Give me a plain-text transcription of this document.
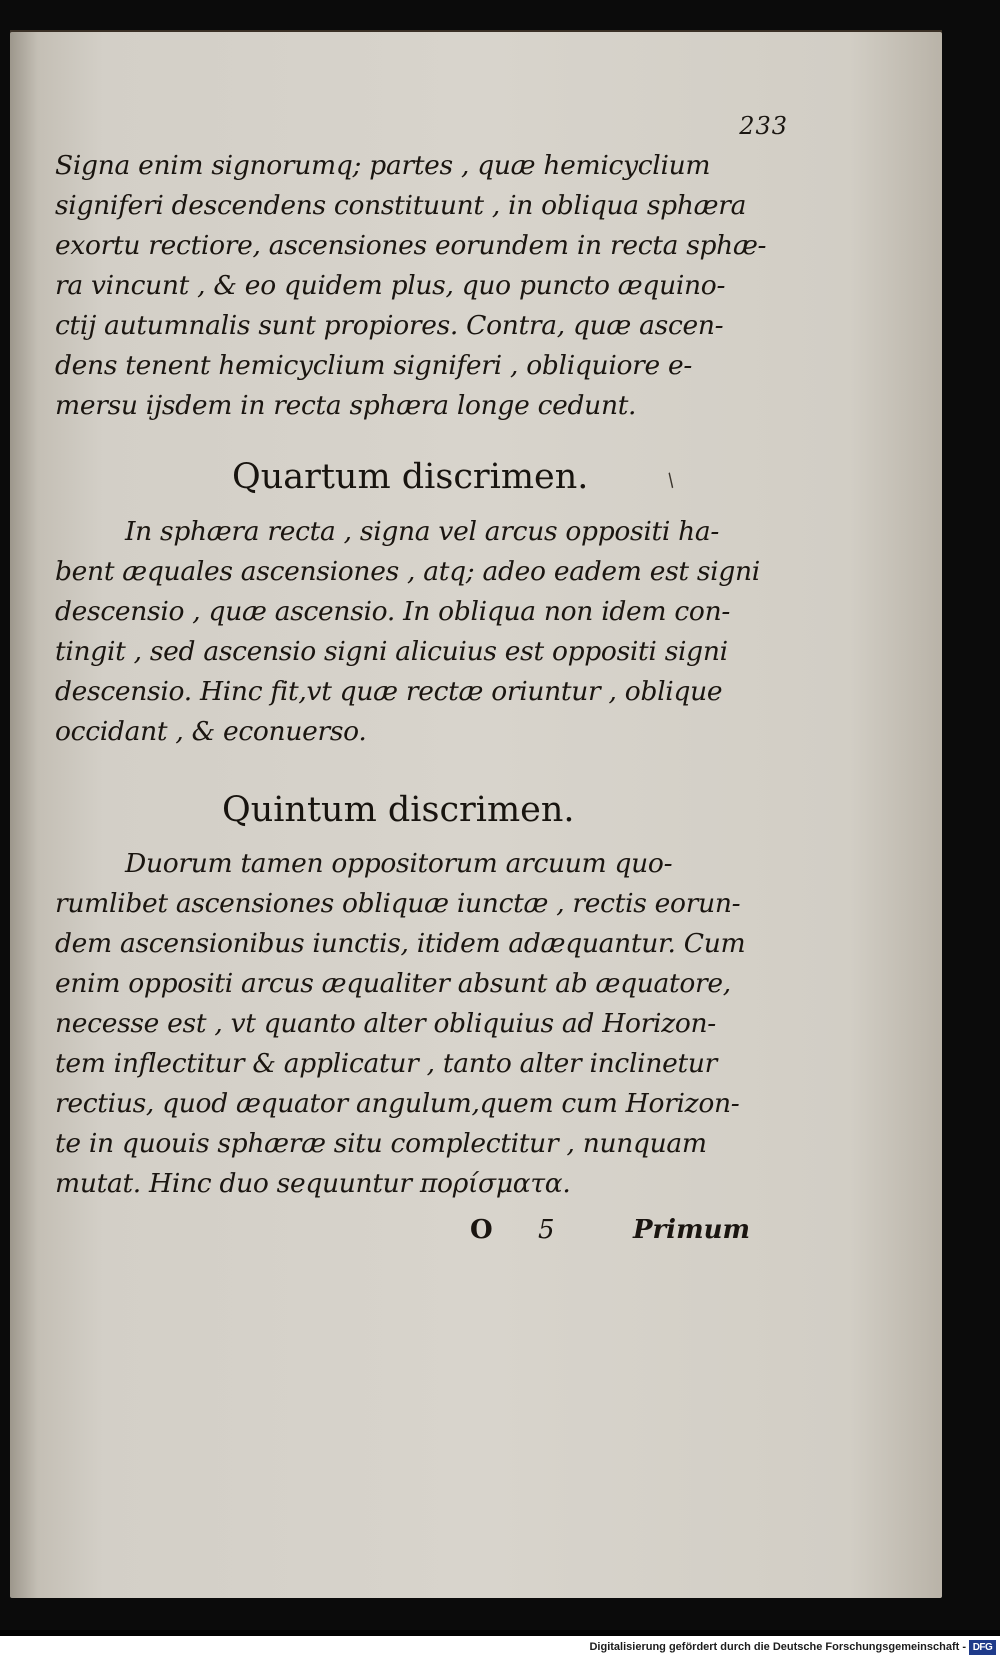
233
Signa enim signorumq; partes , quæ hemicyclium
signiferi descendens constituunt , in obliqua sphæra
exortu rectiore, ascensiones eorundem in recta sphæ-
ra vincunt , & eo quidem plus, quo puncto æquino-
ctij autumnalis sunt propiores. Contra, quæ ascen-
dens tenent hemicyclium signiferi , obliquiore e-
mersu ijsdem in recta sphæra longe cedunt.
Quartum discrimen.	/
In sphæra recta , signa vel arcus oppositi ha-
bent æquales ascensiones , atq; adeo eadem est signi
descensio , quæ ascensio. In obliqua non idem con-
tingit , sed ascensio signi alicuius est oppositi signi
descensio. Hinc fit,vt quæ rectæ oriuntur , oblique
occidant , & econuerso.
Quintum discrimen.
Duorum tamen oppositorum arcuum quo-
rumlibet ascensiones obliquæ iunctæ , rectis eorun-
dem ascensionibus iunctis, itidem adæquantur. Cum
enim oppositi arcus æqualiter absunt ab æquatore,
necesse est , vt quanto alter obliquius ad Horizon-
tem inflectitur & applicatur , tanto alter inclinetur
rectius, quod æquator angulum,quem cum Horizon-
te in quouis sphæræ situ complectitur , nunquam
mutat. Hinc duo sequuntur πορίσματα.
O 5	Primum
Digitalisierung gefördert durch die Deutsche Forschungsgemeinschaft - DFG
